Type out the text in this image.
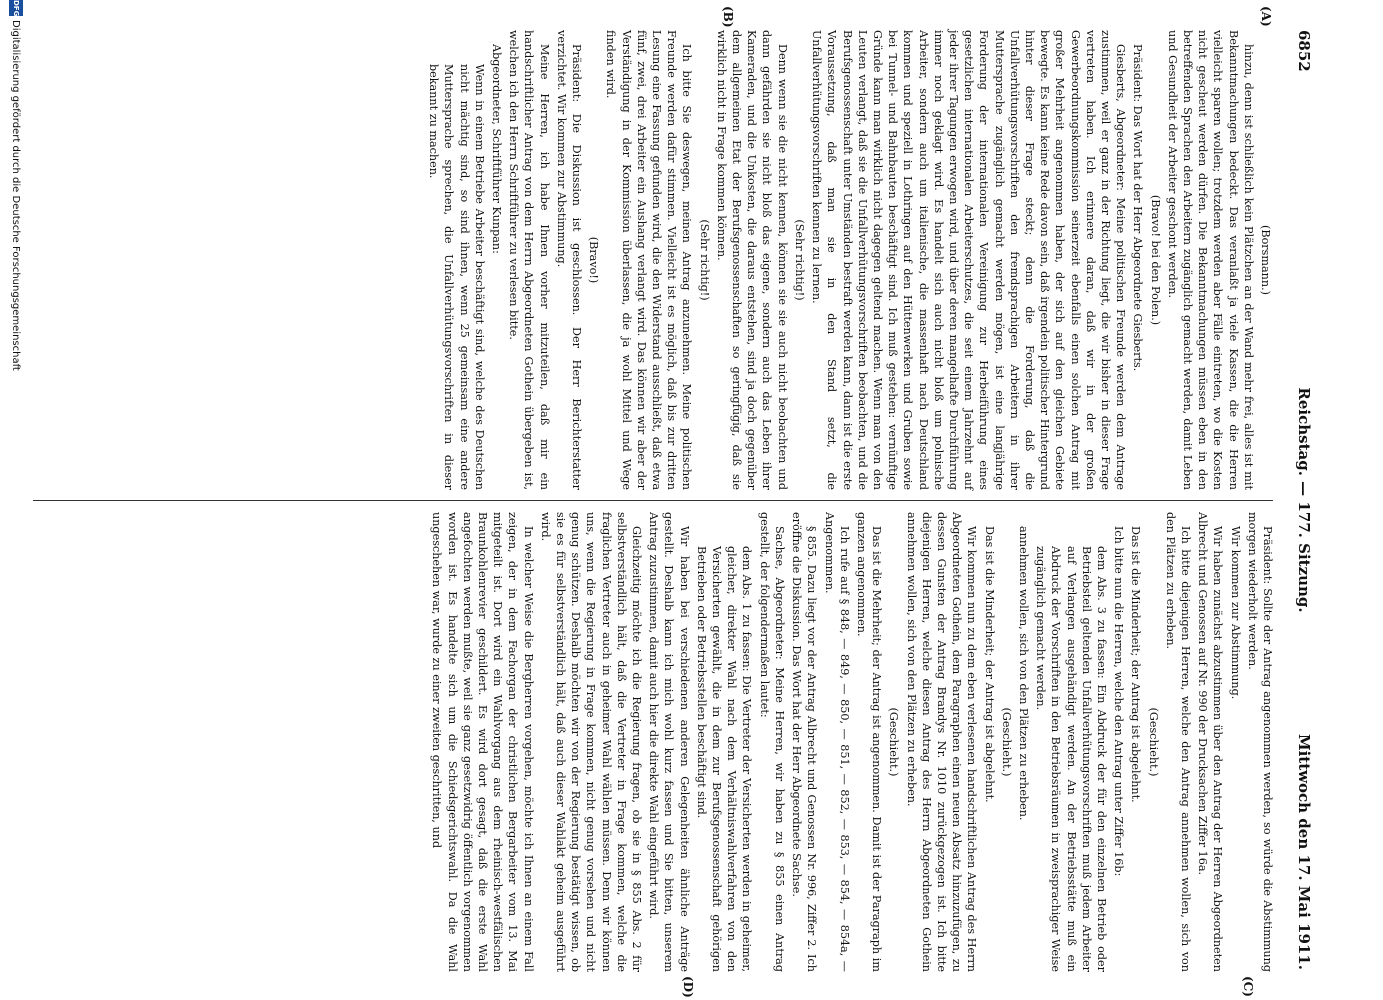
6852
Reichstag. — 177. Sitzung.
Mittwoch den 17. Mai 1911.
(A)
(B)
(C)
(D)

(Borsmann.)

hinzu, denn ist schließlich kein Plätzchen an der Wand mehr frei, alles ist mit Bekanntmachungen bedeckt. Das veranlaßt ja viele Kassen, die die Herren vielleicht sparen wollen; trotzdem werden aber Fälle eintreten, wo die Kosten nicht gescheut werden dürfen. Die Bekanntmachungen müssen eben in den betreffenden Sprachen den Arbeitern zugänglich gemacht werden, damit Leben und Gesundheit der Arbeiter geschont werden.

(Bravo! bei den Polen.)

Präsident: Das Wort hat der Herr Abgeordnete Giesberts.

Giesberts, Abgeordneter: Meine politischen Freunde werden dem Antrage zustimmen, weil er ganz in der Richtung liegt, die wir bisher in dieser Frage vertreten haben. Ich erinnere daran, daß wir in der großen Gewerbeordnungskommission seinerzeit ebenfalls einen solchen Antrag mit großer Mehrheit angenommen haben, der sich auf den gleichen Gebiete bewegte. Es kann keine Rede davon sein, daß irgendein politischer Hintergrund hinter dieser Frage steckt; denn die Forderung, daß die Unfallverhütungsvorschriften den fremdsprachigen Arbeitern in ihrer Muttersprache zugänglich gemacht werden mögen, ist eine langjährige Forderung der internationalen Vereinigung zur Herbeiführung eines gesetzlichen internationalen Arbeiterschutzes, die seit einem Jahrzehnt auf jeder ihrer Tagungen erwogen wird, und über deren mangelhafte Durchführung immer noch geklagt wird. Es handelt sich auch nicht bloß um polnische Arbeiter, sondern auch um italienische, die massenhaft nach Deutschland kommen und speziell in Lothringen auf den Hüttenwerken und Gruben sowie bei Tunnel- und Bahnbauten beschäftigt sind. Ich muß gestehen: vernünftige Gründe kann man wirklich nicht dagegen geltend machen. Wenn man von den Leuten verlangt, daß sie die Unfallverhütungsvorschriften beobachten, und die Berufsgenossenschaft unter Umständen bestraft werden kann, dann ist die erste Voraussetzung, daß man sie in den Stand setzt, die Unfallverhütungsvorschriften kennen zu lernen.

(Sehr richtig!)

Denn wenn sie die nicht kennen, können sie sie auch nicht beobachten und dann gefährden sie nicht bloß das eigene, sondern auch das Leben ihrer Kameraden, und die Unkosten, die daraus entstehen, sind ja doch gegenüber dem allgemeinen Etat der Berufsgenossenschaften so geringfügig, daß sie wirklich nicht in Frage kommen können.

(Sehr richtig!)

Ich bitte Sie deswegen, meinen Antrag anzunehmen. Meine politischen Freunde werden dafür stimmen. Vielleicht ist es möglich, daß bis zur dritten Lesung eine Fassung gefunden wird, die den Widerstand ausschließt, daß etwa fünf, zwei, drei Arbeiter ein Aushang verlangt wird. Das können wir aber der Verständigung in der Kommission überlassen, die ja wohl Mittel und Wege finden wird.

(Bravo!)

Präsident: Die Diskussion ist geschlossen. Der Herr Berichterstatter verzichtet. Wir kommen zur Abstimmung.

Meine Herren, ich habe Ihnen vorher mitzuteilen, daß mir ein handschriftlicher Antrag von dem Herrn Abgeordneten Gothein übergeben ist, welchen ich den Herrn Schriftführer zu verlesen bitte.

Abgeordneter, Schriftführer Kunpan:

Wenn in einem Betriebe Arbeiter beschäftigt sind, welche des Deutschen nicht mächtig sind, so sind ihnen, wenn 25 gemeinsam eine andere Muttersprache sprechen, die Unfallverhütungsvorschriften in dieser bekannt zu machen.

Präsident: Sollte der Antrag angenommen werden, so würde die Abstimmung morgen wiederholt werden.

Wir kommen zur Abstimmung.

Wir haben zunächst abzustimmen über den Antrag der Herren Abgeordneten Albrecht und Genossen auf Nr. 990 der Drucksachen Ziffer 16a.

Ich bitte diejenigen Herren, welche den Antrag annehmen wollen, sich von den Plätzen zu erheben.

(Geschieht.)

Das ist die Minderheit; der Antrag ist abgelehnt.

Ich bitte nun die Herren, welche den Antrag unter Ziffer 16b:

dem Abs. 3 zu fassen: Ein Abdruck der für den einzelnen Betrieb oder Betriebsteil geltenden Unfallverhütungsvorschriften muß jedem Arbeiter auf Verlangen ausgehändigt werden. An der Betriebsstätte muß ein Abdruck der Vorschriften in den Betriebsräumen in zweisprachiger Weise zugänglich gemacht werden.

annehmen wollen, sich von den Plätzen zu erheben.

(Geschieht.)

Das ist die Minderheit; der Antrag ist abgelehnt.

Wir kommen nun zu dem eben verlesenen handschriftlichen Antrag des Herrn Abgeordneten Gothein, dem Paragraphen einen neuen Absatz hinzuzufügen, zu dessen Gunsten der Antrag Brandys Nr. 1010 zurückgezogen ist. Ich bitte diejenigen Herren, welche diesen Antrag des Herrn Abgeordneten Gothein annehmen wollen, sich von den Plätzen zu erheben.

(Geschieht.)

Das ist die Mehrheit; der Antrag ist angenommen. Damit ist der Paragraph im ganzen angenommen.

Ich rufe auf § 848, — 849, — 850, — 851, — 852, — 853, — 854, — 854a, — Angenommen.

§ 855. Dazu liegt vor der Antrag Albrecht und Genossen Nr. 996, Ziffer 2. Ich eröffne die Diskussion. Das Wort hat der Herr Abgeordnete Sachse.

Sachse, Abgeordneter: Meine Herren, wir haben zu § 855 einen Antrag gestellt, der folgendermaßen lautet:

dem Abs. 1 zu fassen: Die Vertreter der Versicherten werden in geheimer, gleicher, direkter Wahl nach dem Verhältniswahlverfahren von den Versicherten gewählt, die in dem zur Berufsgenossenschaft gehörigen Betrieben oder Betriebsstellen beschäftigt sind.

Wir haben bei verschiedenen anderen Gelegenheiten ähnliche Anträge gestellt. Deshalb kann ich mich wohl kurz fassen und Sie bitten, unserem Antrag zuzustimmen, damit auch hier die direkte Wahl eingeführt wird.

Gleichzeitig möchte ich die Regierung fragen, ob sie in § 855 Abs. 2 für selbstverständlich hält, daß die Vertreter in Frage kommen, welche die fraglichen Vertreter auch in geheimer Wahl wählen müssen. Denn wir können uns, wenn die Regierung in Frage kommen, nicht genug vorsehen und nicht genug schützen. Deshalb möchten wir von der Regierung bestätigt wissen, ob sie es für selbstverständlich hält, daß auch dieser Wahlakt geheim ausgeführt wird.

In welcher Weise die Bergherren vorgehen, möchte ich Ihnen an einem Fall zeigen, der in dem Fachorgan der christlichen Bergarbeiter vom 13. Mai mitgeteilt ist. Dort wird ein Wahlvorgang aus dem rheinisch-westfälischen Braunkohlenrevier geschildert. Es wird dort gesagt, daß die erste Wahl angefochten werden mußte, weil sie ganz gesetzwidrig öffentlich vorgenommen worden ist. Es handelte sich um die Schiedsgerichtswahl. Da die Wahl ungeschehen war, wurde zu einer zweiten geschritten, und

DFG
Digitalisierung gefördert durch die Deutsche Forschungsgemeinschaft
